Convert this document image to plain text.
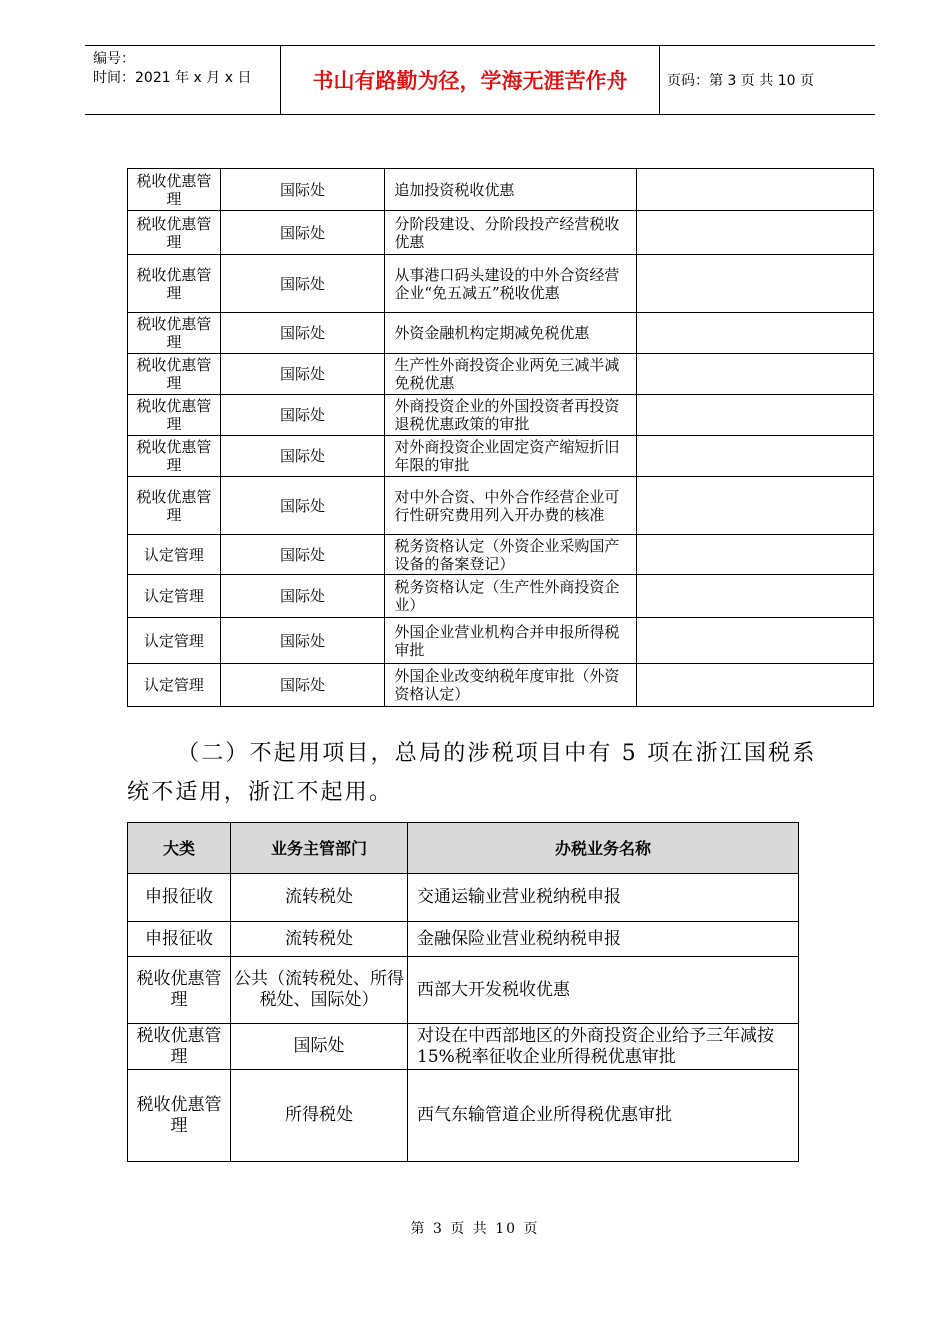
编号：
时间：2021 年 x 月 x 日	书山有路勤为径，学海无涯苦作舟	页码：第 3 页 共 10 页
税收优惠管理	国际处	追加投资税收优惠	
税收优惠管理	国际处	分阶段建设、分阶段投产经营税收优惠	
税收优惠管理	国际处	从事港口码头建设的中外合资经营企业“免五减五”税收优惠	
税收优惠管理	国际处	外资金融机构定期减免税优惠	
税收优惠管理	国际处	生产性外商投资企业两免三减半减免税优惠	
税收优惠管理	国际处	外商投资企业的外国投资者再投资退税优惠政策的审批	
税收优惠管理	国际处	对外商投资企业固定资产缩短折旧年限的审批	
税收优惠管理	国际处	对中外合资、中外合作经营企业可行性研究费用列入开办费的核准	
认定管理	国际处	税务资格认定（外资企业采购国产设备的备案登记）	
认定管理	国际处	税务资格认定（生产性外商投资企业）	
认定管理	国际处	外国企业营业机构合并申报所得税审批	
认定管理	国际处	外国企业改变纳税年度审批（外资资格认定）	
（二）不起用项目，总局的涉税项目中有 5 项在浙江国税系统不适用，浙江不起用。
大类	业务主管部门	办税业务名称
申报征收	流转税处	交通运输业营业税纳税申报
申报征收	流转税处	金融保险业营业税纳税申报
税收优惠管理	公共（流转税处、所得税处、国际处）	西部大开发税收优惠
税收优惠管理	国际处	对设在中西部地区的外商投资企业给予三年减按 15%税率征收企业所得税优惠审批
税收优惠管理	所得税处	西气东输管道企业所得税优惠审批
第 3 页 共 10 页
